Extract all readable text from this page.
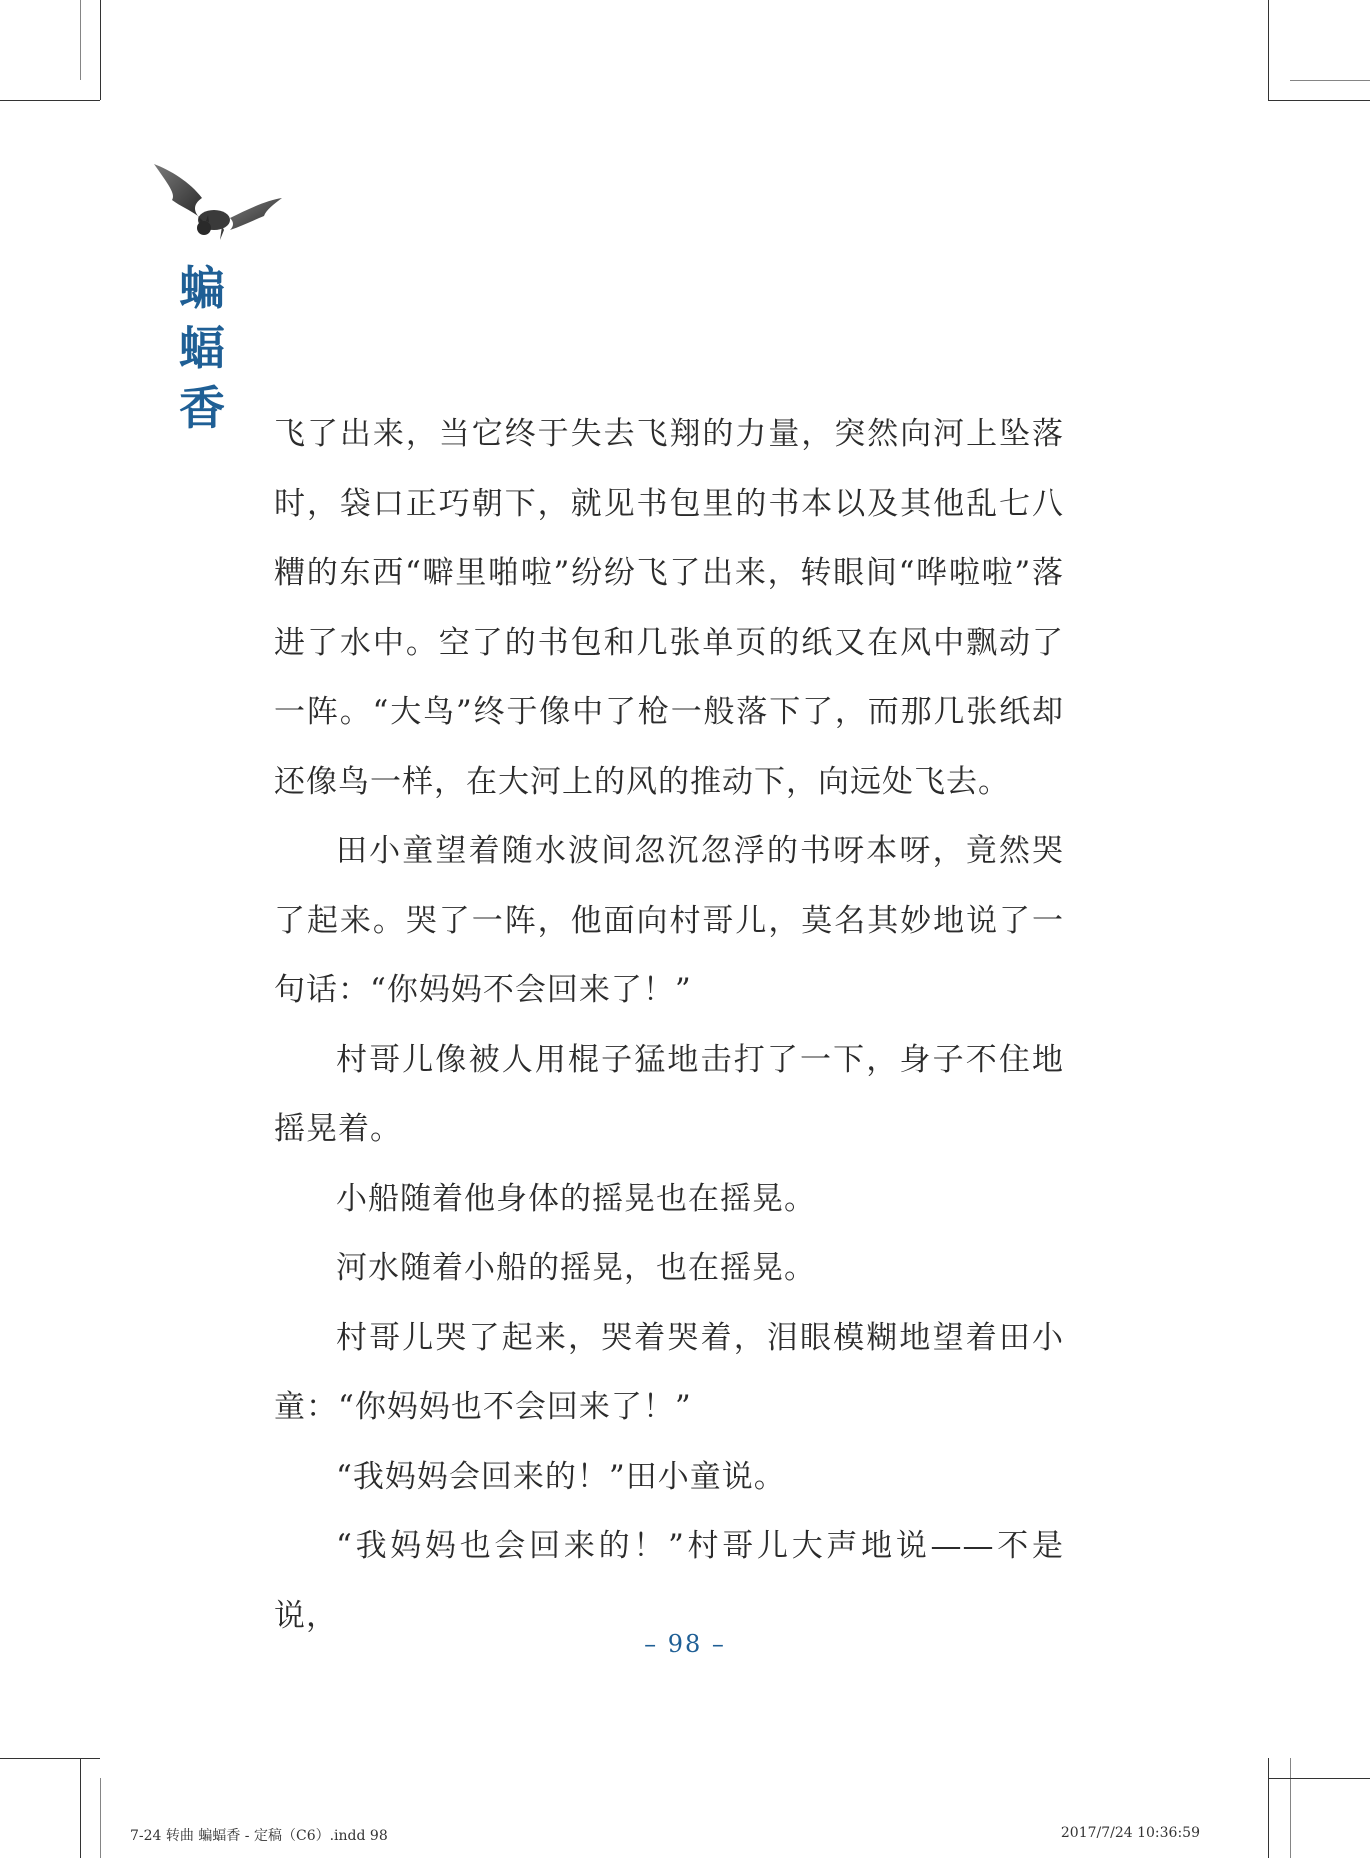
蝙
蝠
香 飞了出来，当它终于失去飞翔的力量，突然向河上坠落时，袋口正巧朝下，就见书包里的书本以及其他乱七八糟的东西“噼里啪啦”纷纷飞了出来，转眼间“哗啦啦”落进了水中。空了的书包和几张单页的纸又在风中飘动了一阵。“大鸟”终于像中了枪一般落下了，而那几张纸却还像鸟一样，在大河上的风的推动下，向远处飞去。

田小童望着随水波间忽沉忽浮的书呀本呀，竟然哭了起来。哭了一阵，他面向村哥儿，莫名其妙地说了一句话：“你妈妈不会回来了！”

村哥儿像被人用棍子猛地击打了一下，身子不住地摇晃着。

小船随着他身体的摇晃也在摇晃。

河水随着小船的摇晃，也在摇晃。

村哥儿哭了起来，哭着哭着，泪眼模糊地望着田小童：“你妈妈也不会回来了！”

“我妈妈会回来的！”田小童说。

“我妈妈也会回来的！”村哥儿大声地说——不是说，

– 98 –
7-24 转曲 蝙蝠香 - 定稿（C6）.indd 98	2017/7/24 10:36:59
